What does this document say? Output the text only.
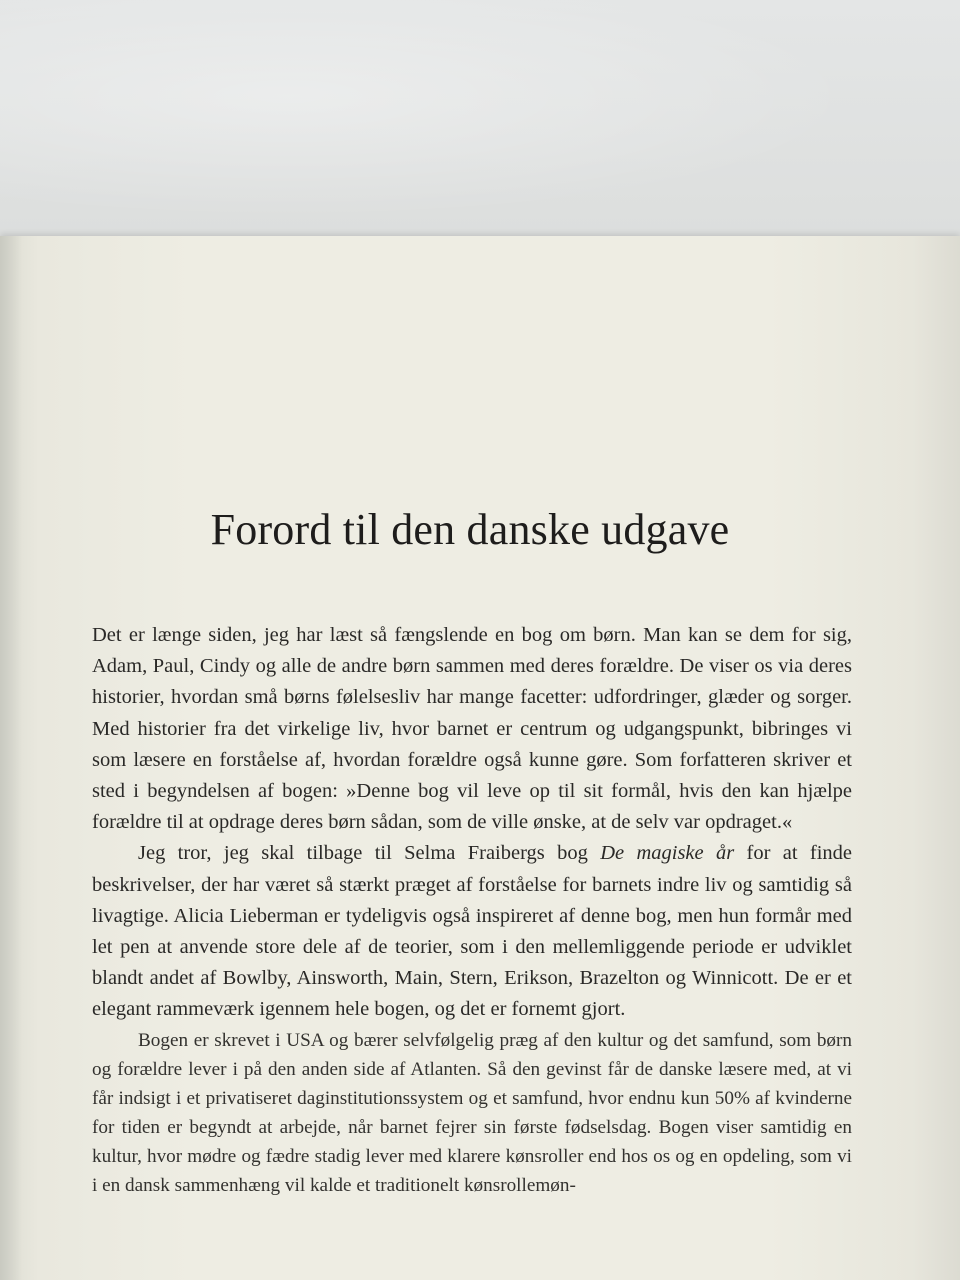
Forord til den danske udgave

Det er længe siden, jeg har læst så fængslende en bog om børn. Man kan se dem for sig, Adam, Paul, Cindy og alle de andre børn sammen med deres forældre. De viser os via deres historier, hvordan små børns følelsesliv har mange facetter: udfordringer, glæder og sorger. Med historier fra det virkelige liv, hvor barnet er centrum og udgangspunkt, bibringes vi som læsere en forståelse af, hvordan forældre også kunne gøre. Som forfatteren skriver et sted i begyndelsen af bogen: »Denne bog vil leve op til sit formål, hvis den kan hjælpe forældre til at opdrage deres børn sådan, som de ville ønske, at de selv var opdraget.«

Jeg tror, jeg skal tilbage til Selma Fraibergs bog De magiske år for at finde beskrivelser, der har været så stærkt præget af forståelse for barnets indre liv og samtidig så livagtige. Alicia Lieberman er tydeligvis også inspireret af denne bog, men hun formår med let pen at anvende store dele af de teorier, som i den mellemliggende periode er udviklet blandt andet af Bowlby, Ainsworth, Main, Stern, Erikson, Brazelton og Winnicott. De er et elegant rammeværk igennem hele bogen, og det er fornemt gjort.

Bogen er skrevet i USA og bærer selvfølgelig præg af den kultur og det samfund, som børn og forældre lever i på den anden side af Atlanten. Så den gevinst får de danske læsere med, at vi får indsigt i et privatiseret daginstitutionssystem og et samfund, hvor endnu kun 50% af kvinderne for tiden er begyndt at arbejde, når barnet fejrer sin første fødselsdag. Bogen viser samtidig en kultur, hvor mødre og fædre stadig lever med klarere kønsroller end hos os og en opdeling, som vi i en dansk sammenhæng vil kalde et traditionelt kønsrollemøn-
